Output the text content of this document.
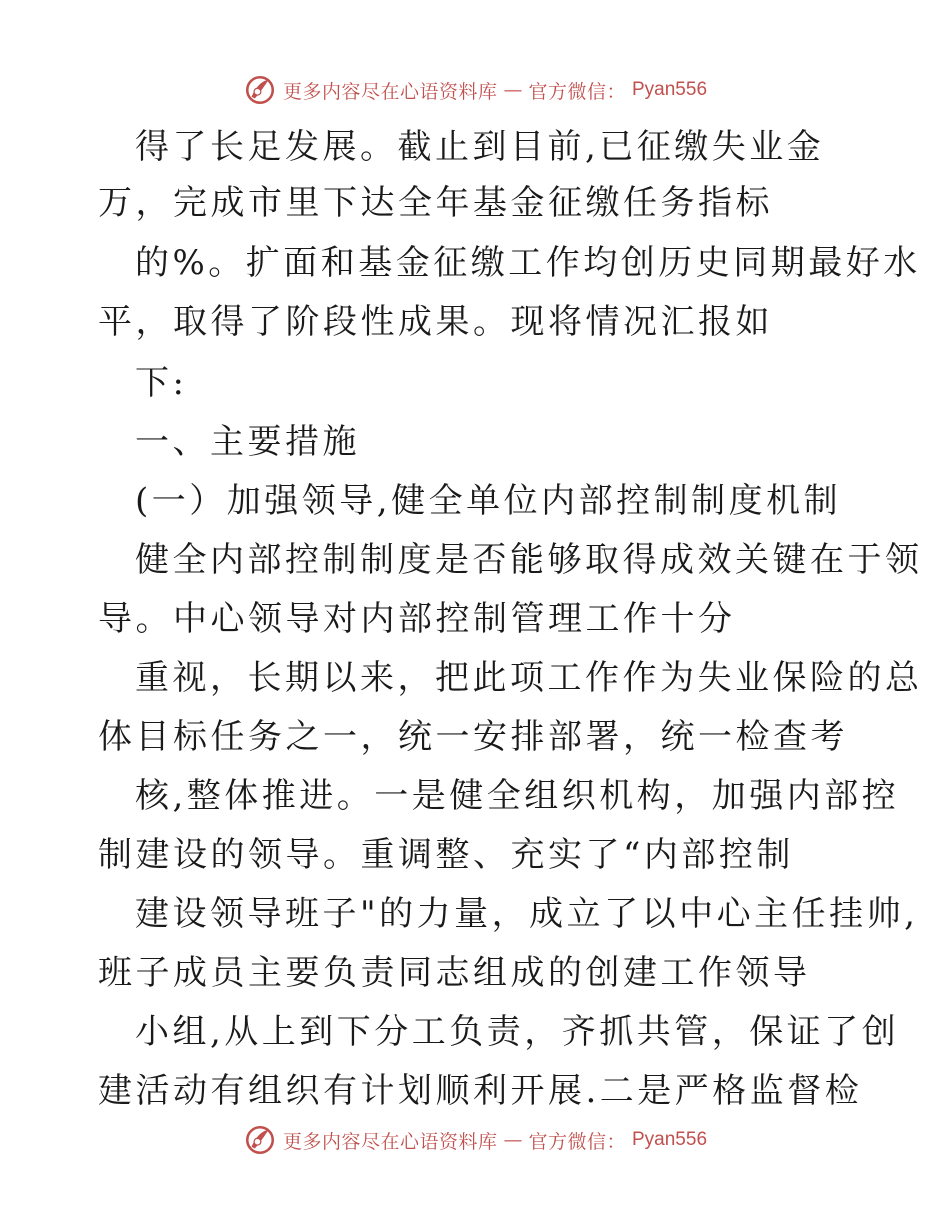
更多内容尽在心语资料库 — 官方微信： Pyan556
得了长足发展。截止到目前,已征缴失业金
万，完成市里下达全年基金征缴任务指标
的%。扩面和基金征缴工作均创历史同期最好水
平，取得了阶段性成果。现将情况汇报如
下:
一、主要措施
(一）加强领导,健全单位内部控制制度机制
健全内部控制制度是否能够取得成效关键在于领
导。中心领导对内部控制管理工作十分
重视，长期以来，把此项工作作为失业保险的总
体目标任务之一，统一安排部署，统一检查考
核,整体推进。一是健全组织机构，加强内部控
制建设的领导。重调整、充实了“内部控制
建设领导班子"的力量，成立了以中心主任挂帅,
班子成员主要负责同志组成的创建工作领导
小组,从上到下分工负责，齐抓共管，保证了创
建活动有组织有计划顺利开展.二是严格监督检
更多内容尽在心语资料库 — 官方微信： Pyan556
